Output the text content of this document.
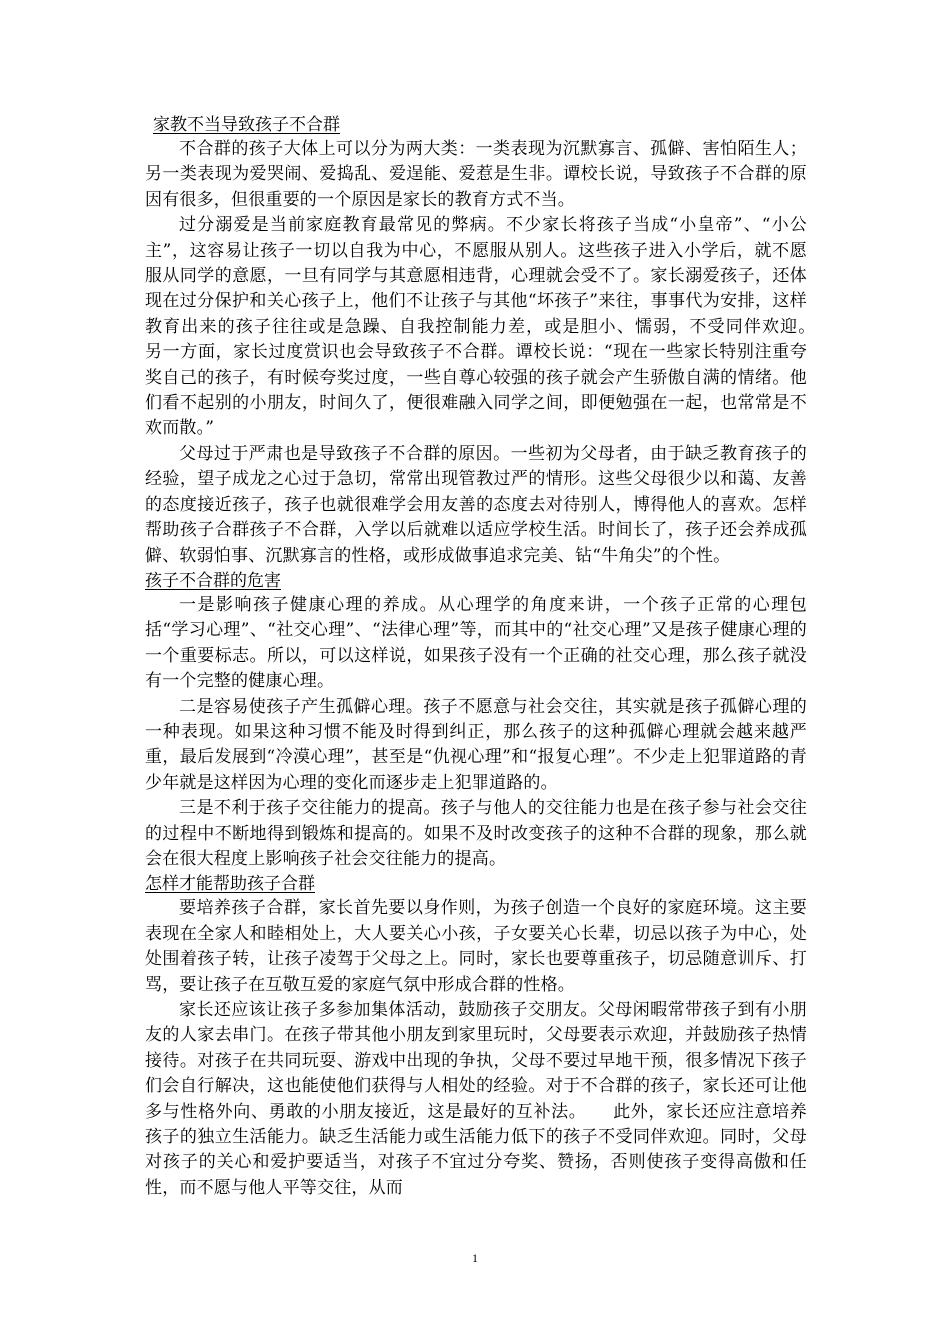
家教不当导致孩子不合群

不合群的孩子大体上可以分为两大类：一类表现为沉默寡言、孤僻、害怕陌生人；另一类表现为爱哭闹、爱捣乱、爱逞能、爱惹是生非。谭校长说，导致孩子不合群的原因有很多，但很重要的一个原因是家长的教育方式不当。

过分溺爱是当前家庭教育最常见的弊病。不少家长将孩子当成“小皇帝”、“小公主”，这容易让孩子一切以自我为中心，不愿服从别人。这些孩子进入小学后，就不愿服从同学的意愿，一旦有同学与其意愿相违背，心理就会受不了。家长溺爱孩子，还体现在过分保护和关心孩子上，他们不让孩子与其他“坏孩子”来往，事事代为安排，这样教育出来的孩子往往或是急躁、自我控制能力差，或是胆小、懦弱，不受同伴欢迎。　　另一方面，家长过度赏识也会导致孩子不合群。谭校长说：“现在一些家长特别注重夸奖自己的孩子，有时候夸奖过度，一些自尊心较强的孩子就会产生骄傲自满的情绪。他们看不起别的小朋友，时间久了，便很难融入同学之间，即便勉强在一起，也常常是不欢而散。”

父母过于严肃也是导致孩子不合群的原因。一些初为父母者，由于缺乏教育孩子的经验，望子成龙之心过于急切，常常出现管教过严的情形。这些父母很少以和蔼、友善的态度接近孩子，孩子也就很难学会用友善的态度去对待别人，博得他人的喜欢。怎样帮助孩子合群孩子不合群，入学以后就难以适应学校生活。时间长了，孩子还会养成孤僻、软弱怕事、沉默寡言的性格，或形成做事追求完美、钻“牛角尖”的个性。

孩子不合群的危害

一是影响孩子健康心理的养成。从心理学的角度来讲，一个孩子正常的心理包括“学习心理”、“社交心理”、“法律心理”等，而其中的“社交心理”又是孩子健康心理的一个重要标志。所以，可以这样说，如果孩子没有一个正确的社交心理，那么孩子就没有一个完整的健康心理。

二是容易使孩子产生孤僻心理。孩子不愿意与社会交往，其实就是孩子孤僻心理的一种表现。如果这种习惯不能及时得到纠正，那么孩子的这种孤僻心理就会越来越严重，最后发展到“冷漠心理”，甚至是“仇视心理”和“报复心理”。不少走上犯罪道路的青少年就是这样因为心理的变化而逐步走上犯罪道路的。

三是不利于孩子交往能力的提高。孩子与他人的交往能力也是在孩子参与社会交往的过程中不断地得到锻炼和提高的。如果不及时改变孩子的这种不合群的现象，那么就会在很大程度上影响孩子社会交往能力的提高。

怎样才能帮助孩子合群

要培养孩子合群，家长首先要以身作则，为孩子创造一个良好的家庭环境。这主要表现在全家人和睦相处上，大人要关心小孩，子女要关心长辈，切忌以孩子为中心，处处围着孩子转，让孩子凌驾于父母之上。同时，家长也要尊重孩子，切忌随意训斥、打骂，要让孩子在互敬互爱的家庭气氛中形成合群的性格。

家长还应该让孩子多参加集体活动，鼓励孩子交朋友。父母闲暇常带孩子到有小朋友的人家去串门。在孩子带其他小朋友到家里玩时，父母要表示欢迎，并鼓励孩子热情接待。对孩子在共同玩耍、游戏中出现的争执，父母不要过早地干预，很多情况下孩子们会自行解决，这也能使他们获得与人相处的经验。对于不合群的孩子，家长还可让他多与性格外向、勇敢的小朋友接近，这是最好的互补法。　　此外，家长还应注意培养孩子的独立生活能力。缺乏生活能力或生活能力低下的孩子不受同伴欢迎。同时，父母对孩子的关心和爱护要适当，对孩子不宜过分夸奖、赞扬，否则使孩子变得高傲和任性，而不愿与他人平等交往，从而

1
